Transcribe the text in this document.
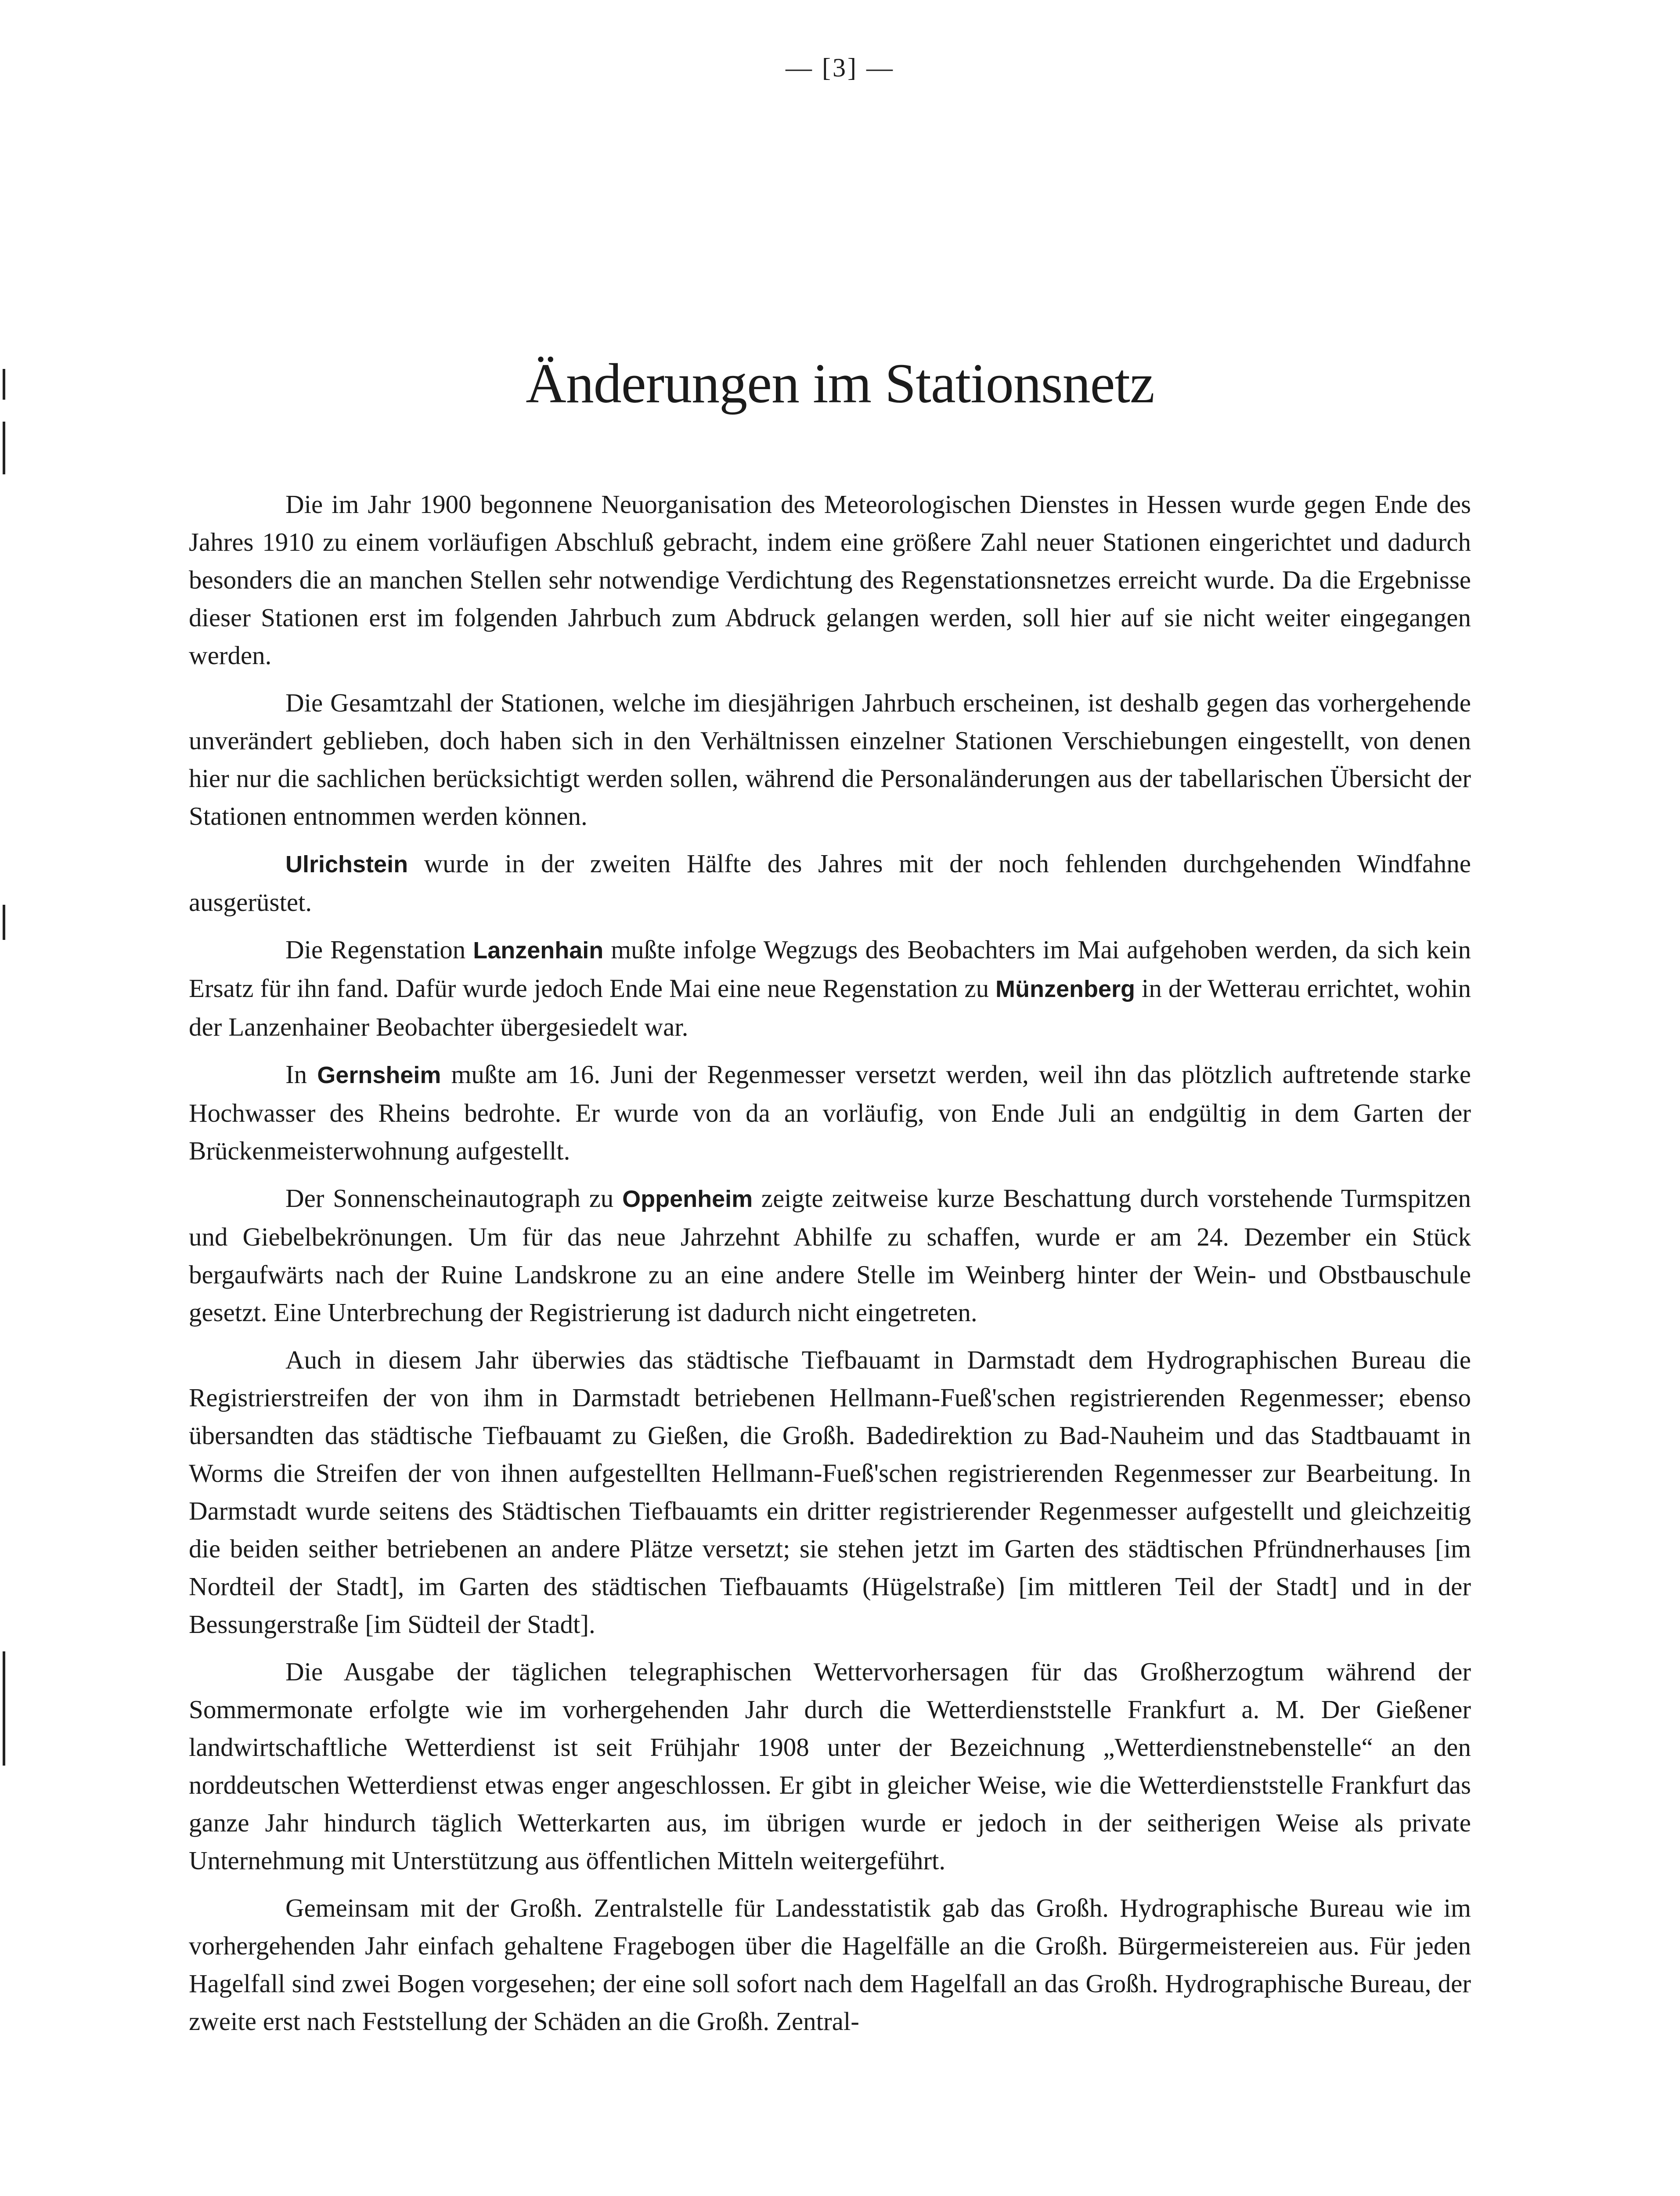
— [3] —
Änderungen im Stationsnetz

Die im Jahr 1900 begonnene Neuorganisation des Meteorologischen Dienstes in Hessen wurde gegen Ende des Jahres 1910 zu einem vorläufigen Abschluß gebracht, indem eine größere Zahl neuer Stationen eingerichtet und dadurch besonders die an manchen Stellen sehr notwendige Verdichtung des Regenstationsnetzes erreicht wurde. Da die Ergebnisse dieser Stationen erst im folgenden Jahrbuch zum Abdruck gelangen werden, soll hier auf sie nicht weiter eingegangen werden.

Die Gesamtzahl der Stationen, welche im diesjährigen Jahrbuch erscheinen, ist deshalb gegen das vorhergehende unverändert geblieben, doch haben sich in den Verhältnissen einzelner Stationen Verschiebungen eingestellt, von denen hier nur die sachlichen berücksichtigt werden sollen, während die Personaländerungen aus der tabellarischen Übersicht der Stationen entnommen werden können.

Ulrichstein wurde in der zweiten Hälfte des Jahres mit der noch fehlenden durchgehenden Windfahne ausgerüstet.

Die Regenstation Lanzenhain mußte infolge Wegzugs des Beobachters im Mai aufgehoben werden, da sich kein Ersatz für ihn fand. Dafür wurde jedoch Ende Mai eine neue Regenstation zu Münzenberg in der Wetterau errichtet, wohin der Lanzenhainer Beobachter übergesiedelt war.

In Gernsheim mußte am 16. Juni der Regenmesser versetzt werden, weil ihn das plötzlich auftretende starke Hochwasser des Rheins bedrohte. Er wurde von da an vorläufig, von Ende Juli an endgültig in dem Garten der Brückenmeisterwohnung aufgestellt.

Der Sonnenscheinautograph zu Oppenheim zeigte zeitweise kurze Beschattung durch vorstehende Turmspitzen und Giebelbekrönungen. Um für das neue Jahrzehnt Abhilfe zu schaffen, wurde er am 24. Dezember ein Stück bergaufwärts nach der Ruine Landskrone zu an eine andere Stelle im Weinberg hinter der Wein- und Obstbauschule gesetzt. Eine Unterbrechung der Registrierung ist dadurch nicht eingetreten.

Auch in diesem Jahr überwies das städtische Tiefbauamt in Darmstadt dem Hydrographischen Bureau die Registrierstreifen der von ihm in Darmstadt betriebenen Hellmann-Fueß'schen registrierenden Regenmesser; ebenso übersandten das städtische Tiefbauamt zu Gießen, die Großh. Badedirektion zu Bad-Nauheim und das Stadtbauamt in Worms die Streifen der von ihnen aufgestellten Hellmann-Fueß'schen registrierenden Regenmesser zur Bearbeitung. In Darmstadt wurde seitens des Städtischen Tiefbauamts ein dritter registrierender Regenmesser aufgestellt und gleichzeitig die beiden seither betriebenen an andere Plätze versetzt; sie stehen jetzt im Garten des städtischen Pfründnerhauses [im Nordteil der Stadt], im Garten des städtischen Tiefbauamts (Hügelstraße) [im mittleren Teil der Stadt] und in der Bessungerstraße [im Südteil der Stadt].

Die Ausgabe der täglichen telegraphischen Wettervorhersagen für das Großherzogtum während der Sommermonate erfolgte wie im vorhergehenden Jahr durch die Wetterdienststelle Frankfurt a. M. Der Gießener landwirtschaftliche Wetterdienst ist seit Frühjahr 1908 unter der Bezeichnung „Wetterdienstnebenstelle“ an den norddeutschen Wetterdienst etwas enger angeschlossen. Er gibt in gleicher Weise, wie die Wetterdienststelle Frankfurt das ganze Jahr hindurch täglich Wetterkarten aus, im übrigen wurde er jedoch in der seitherigen Weise als private Unternehmung mit Unterstützung aus öffentlichen Mitteln weitergeführt.

Gemeinsam mit der Großh. Zentralstelle für Landesstatistik gab das Großh. Hydrographische Bureau wie im vorhergehenden Jahr einfach gehaltene Fragebogen über die Hagelfälle an die Großh. Bürgermeistereien aus. Für jeden Hagelfall sind zwei Bogen vorgesehen; der eine soll sofort nach dem Hagelfall an das Großh. Hydrographische Bureau, der zweite erst nach Feststellung der Schäden an die Großh. Zentral-
